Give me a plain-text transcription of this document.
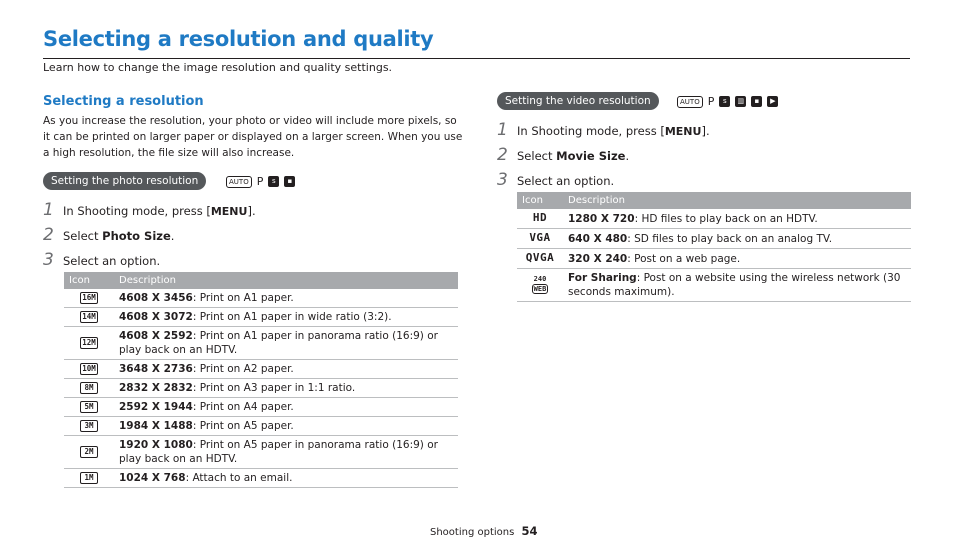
Selecting a resolution and quality
Learn how to change the image resolution and quality settings.
Selecting a resolution
As you increase the resolution, your photo or video will include more pixels, so it can be printed on larger paper or displayed on a larger screen. When you use a high resolution, the file size will also increase.
Setting the photo resolution	AUTO P	s	▪
1 In Shooting mode, press [MENU].
2 Select Photo Size.
3 Select an option.
Icon	Description
16M	4608 X 3456: Print on A1 paper.
14M	4608 X 3072: Print on A1 paper in wide ratio (3:2).
12M	4608 X 2592: Print on A1 paper in panorama ratio (16:9) or play back on an HDTV.
10M	3648 X 2736: Print on A2 paper.
8M	2832 X 2832: Print on A3 paper in 1:1 ratio.
5M	2592 X 1944: Print on A4 paper.
3M	1984 X 1488: Print on A5 paper.
2M	1920 X 1080: Print on A5 paper in panorama ratio (16:9) or play back on an HDTV.
1M	1024 X 768: Attach to an email.
Setting the video resolution	AUTO P	s	▥	▪	▶
1 In Shooting mode, press [MENU].
2 Select Movie Size.
3 Select an option.
Icon	Description
HD	1280 X 720: HD files to play back on an HDTV.
VGA	640 X 480: SD files to play back on an analog TV.
QVGA	320 X 240: Post on a web page.

240
WEB	For Sharing: Post on a website using the wireless network (30 seconds maximum).
Shooting options 54
